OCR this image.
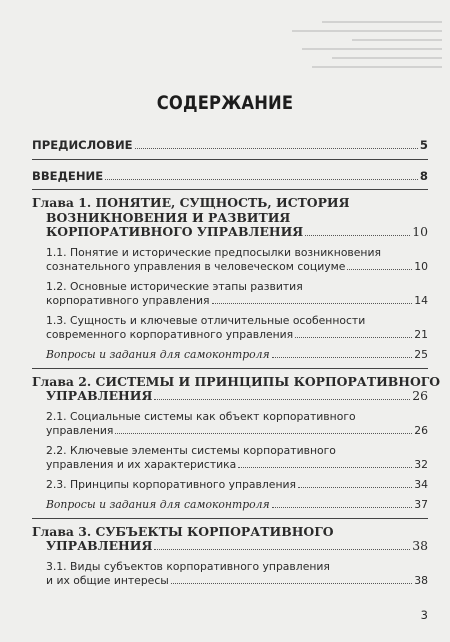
СОДЕРЖАНИЕ
ПРЕДИСЛОВИЕ	5
ВВЕДЕНИЕ	8
Глава 1. ПОНЯТИЕ, СУЩНОСТЬ, ИСТОРИЯ
ВОЗНИКНОВЕНИЯ И РАЗВИТИЯ
КОРПОРАТИВНОГО УПРАВЛЕНИЯ	10
1.1. Понятие и исторические предпосылки возникновения
сознательного управления в человеческом социуме	10
1.2. Основные исторические этапы развития
корпоративного управления	14
1.3. Сущность и ключевые отличительные особенности
современного корпоративного управления	21
Вопросы и задания для самоконтроля	25
Глава 2. СИСТЕМЫ И ПРИНЦИПЫ КОРПОРАТИВНОГО
УПРАВЛЕНИЯ	26
2.1. Социальные системы как объект корпоративного
управления	26
2.2. Ключевые элементы системы корпоративного
управления и их характеристика	32
2.3. Принципы корпоративного управления	34
Вопросы и задания для самоконтроля	37
Глава 3. СУБЪЕКТЫ КОРПОРАТИВНОГО
УПРАВЛЕНИЯ	38
3.1. Виды субъектов корпоративного управления
и их общие интересы	38
3
